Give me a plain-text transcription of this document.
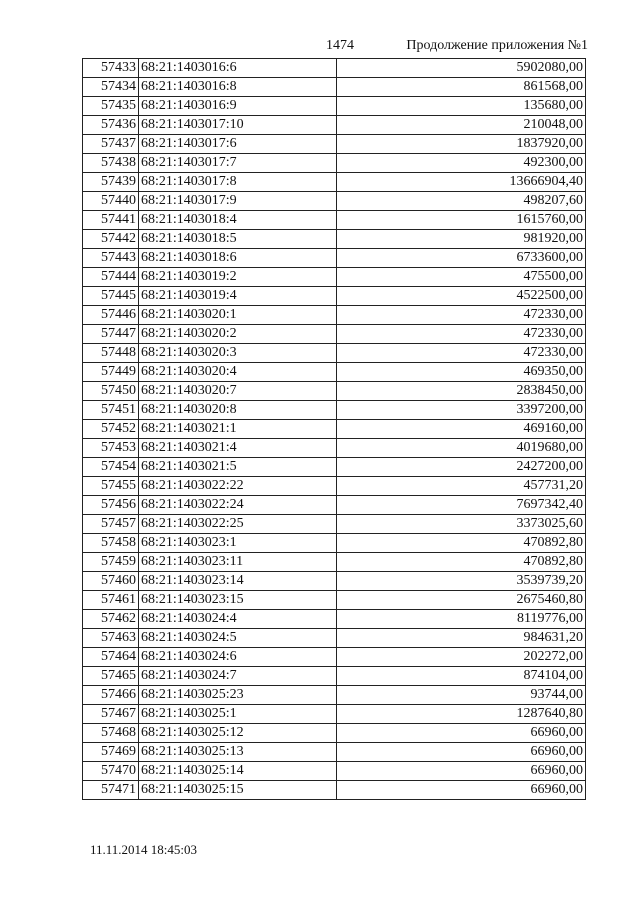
1474	Продолжение приложения №1
57433	68:21:1403016:6	5902080,00
57434	68:21:1403016:8	861568,00
57435	68:21:1403016:9	135680,00
57436	68:21:1403017:10	210048,00
57437	68:21:1403017:6	1837920,00
57438	68:21:1403017:7	492300,00
57439	68:21:1403017:8	13666904,40
57440	68:21:1403017:9	498207,60
57441	68:21:1403018:4	1615760,00
57442	68:21:1403018:5	981920,00
57443	68:21:1403018:6	6733600,00
57444	68:21:1403019:2	475500,00
57445	68:21:1403019:4	4522500,00
57446	68:21:1403020:1	472330,00
57447	68:21:1403020:2	472330,00
57448	68:21:1403020:3	472330,00
57449	68:21:1403020:4	469350,00
57450	68:21:1403020:7	2838450,00
57451	68:21:1403020:8	3397200,00
57452	68:21:1403021:1	469160,00
57453	68:21:1403021:4	4019680,00
57454	68:21:1403021:5	2427200,00
57455	68:21:1403022:22	457731,20
57456	68:21:1403022:24	7697342,40
57457	68:21:1403022:25	3373025,60
57458	68:21:1403023:1	470892,80
57459	68:21:1403023:11	470892,80
57460	68:21:1403023:14	3539739,20
57461	68:21:1403023:15	2675460,80
57462	68:21:1403024:4	8119776,00
57463	68:21:1403024:5	984631,20
57464	68:21:1403024:6	202272,00
57465	68:21:1403024:7	874104,00
57466	68:21:1403025:23	93744,00
57467	68:21:1403025:1	1287640,80
57468	68:21:1403025:12	66960,00
57469	68:21:1403025:13	66960,00
57470	68:21:1403025:14	66960,00
57471	68:21:1403025:15	66960,00
11.11.2014 18:45:03
